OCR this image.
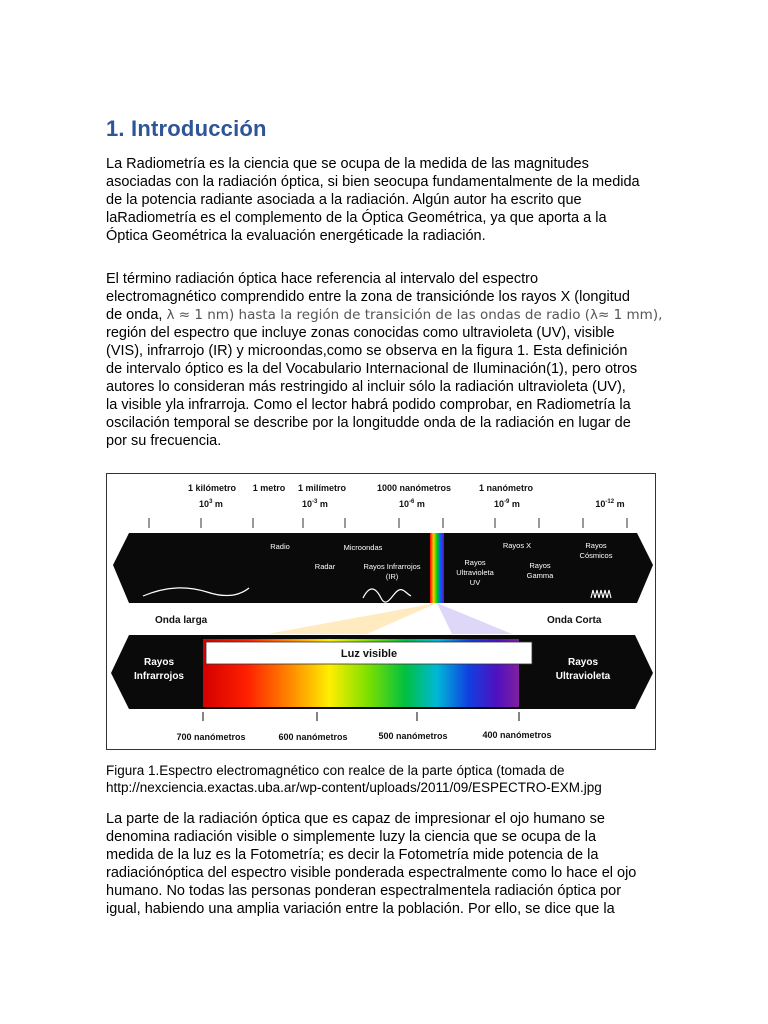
1. Introducción
La Radiometría es la ciencia que se ocupa de la medida de las magnitudes
asociadas con la radiación óptica, si bien seocupa fundamentalmente de la medida
de la potencia radiante asociada a la radiación. Algún autor ha escrito que
laRadiometría es el complemento de la Óptica Geométrica, ya que aporta a la
Óptica Geométrica la evaluación energéticade la radiación.
El término radiación óptica hace referencia al intervalo del espectro
electromagnético comprendido entre la zona de transiciónde los rayos X (longitud
de onda, λ ≈ 1 nm) hasta la región de transición de las ondas de radio (λ≈ 1 mm),
región del espectro que incluye zonas conocidas como ultravioleta (UV), visible
(VIS), infrarrojo (IR) y microondas,como se observa en la figura 1. Esta definición
de intervalo óptico es la del Vocabulario Internacional de Iluminación(1), pero otros
autores lo consideran más restringido al incluir sólo la radiación ultravioleta (UV),
la visible yla infrarroja. Como el lector habrá podido comprobar, en Radiometría la
oscilación temporal se describe por la longitudde onda de la radiación en lugar de
por su frecuencia.
1 kilómetro
$10^3$ m
1 metro 1 milímetro
$10^{-3}$ m
1000 nanómetros
$10^{-6}$ m
1 nanómetro
$10^{-9}$ m	$10^{-12}$ m
Radio	Microondas
Radar	Rayos Infrarrojos
(IR)
Rayos X
Rayos
Ultravioleta
UV
Rayos
Gamma
Rayos
Cósmicos
Onda larga	Onda Corta
Luz visible
Rayos
Infrarrojos
Rayos
Ultravioleta
700 nanómetros	600 nanómetros	500 nanómetros	400 nanómetros
Figura 1.Espectro electromagnético con realce de la parte óptica (tomada de
http://nexciencia.exactas.uba.ar/wp-content/uploads/2011/09/ESPECTRO-EXM.jpg
La parte de la radiación óptica que es capaz de impresionar el ojo humano se
denomina radiación visible o simplemente luzy la ciencia que se ocupa de la
medida de la luz es la Fotometría; es decir la Fotometría mide potencia de la
radiaciónóptica del espectro visible ponderada espectralmente como lo hace el ojo
humano. No todas las personas ponderan espectralmentela radiación óptica por
igual, habiendo una amplia variación entre la población. Por ello, se dice que la
